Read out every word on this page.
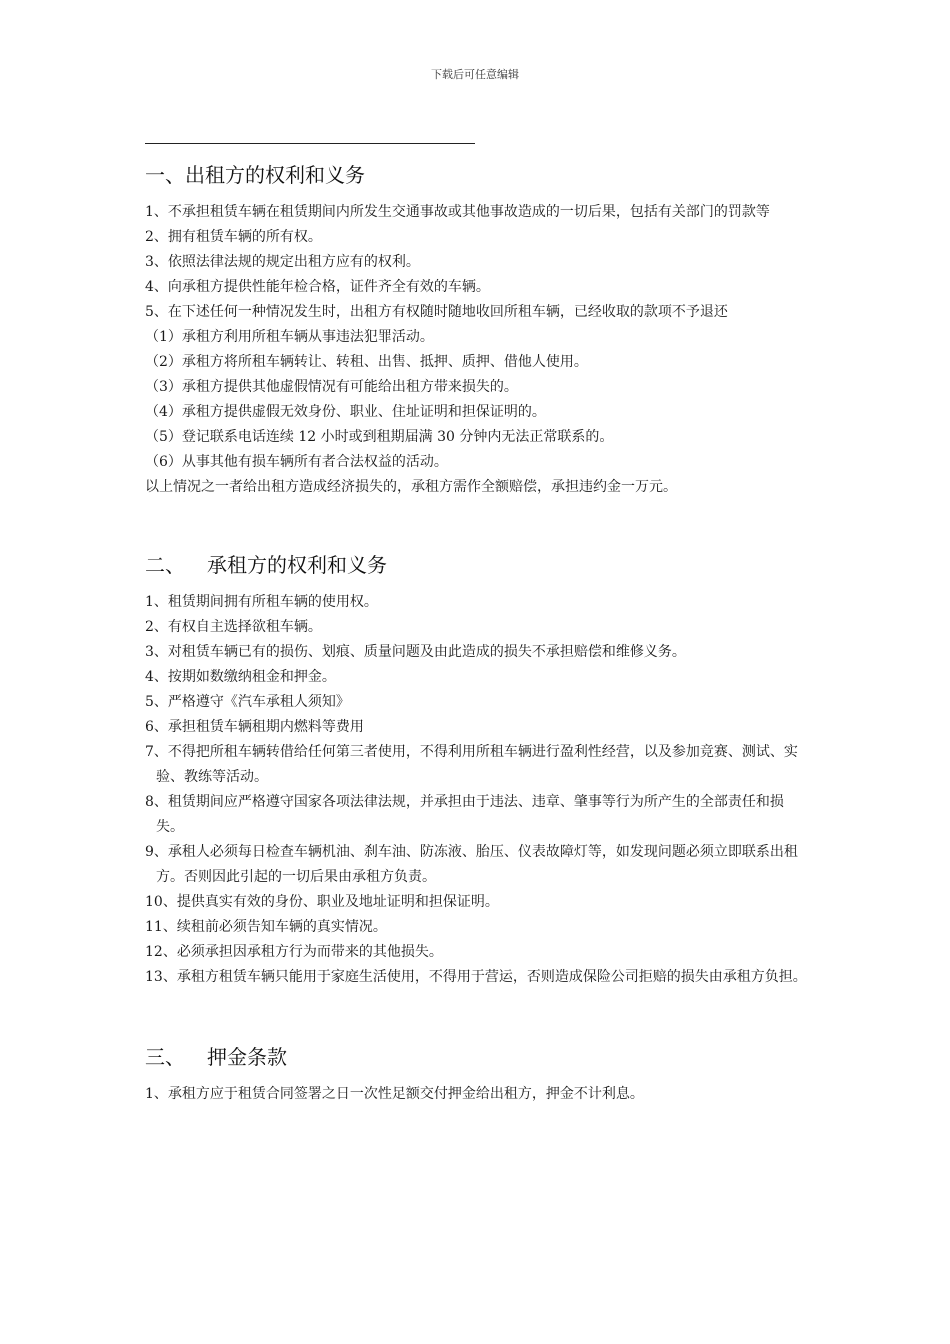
下载后可任意编辑
一、出租方的权利和义务

1、不承担租赁车辆在租赁期间内所发生交通事故或其他事故造成的一切后果，包括有关部门的罚款等

2、拥有租赁车辆的所有权。

3、依照法律法规的规定出租方应有的权利。

4、向承租方提供性能年检合格，证件齐全有效的车辆。

5、在下述任何一种情况发生时，出租方有权随时随地收回所租车辆，已经收取的款项不予退还

（1）承租方利用所租车辆从事违法犯罪活动。

（2）承租方将所租车辆转让、转租、出售、抵押、质押、借他人使用。

（3）承租方提供其他虚假情况有可能给出租方带来损失的。

（4）承租方提供虚假无效身份、职业、住址证明和担保证明的。

（5）登记联系电话连续 12 小时或到租期届满 30 分钟内无法正常联系的。

（6）从事其他有损车辆所有者合法权益的活动。

以上情况之一者给出租方造成经济损失的，承租方需作全额赔偿，承担违约金一万元。

二、 承租方的权利和义务

1、租赁期间拥有所租车辆的使用权。

2、有权自主选择欲租车辆。

3、对租赁车辆已有的损伤、划痕、质量问题及由此造成的损失不承担赔偿和维修义务。

4、按期如数缴纳租金和押金。

5、严格遵守《汽车承租人须知》

6、承担租赁车辆租期内燃料等费用

7、不得把所租车辆转借给任何第三者使用，不得利用所租车辆进行盈利性经营，以及参加竞赛、测试、实验、教练等活动。

8、租赁期间应严格遵守国家各项法律法规，并承担由于违法、违章、肇事等行为所产生的全部责任和损失。

9、承租人必须每日检查车辆机油、刹车油、防冻液、胎压、仪表故障灯等，如发现问题必须立即联系出租方。否则因此引起的一切后果由承租方负责。

10、提供真实有效的身份、职业及地址证明和担保证明。

11、续租前必须告知车辆的真实情况。

12、必须承担因承租方行为而带来的其他损失。

13、承租方租赁车辆只能用于家庭生活使用，不得用于营运，否则造成保险公司拒赔的损失由承租方负担。

三、 押金条款

1、承租方应于租赁合同签署之日一次性足额交付押金给出租方，押金不计利息。
